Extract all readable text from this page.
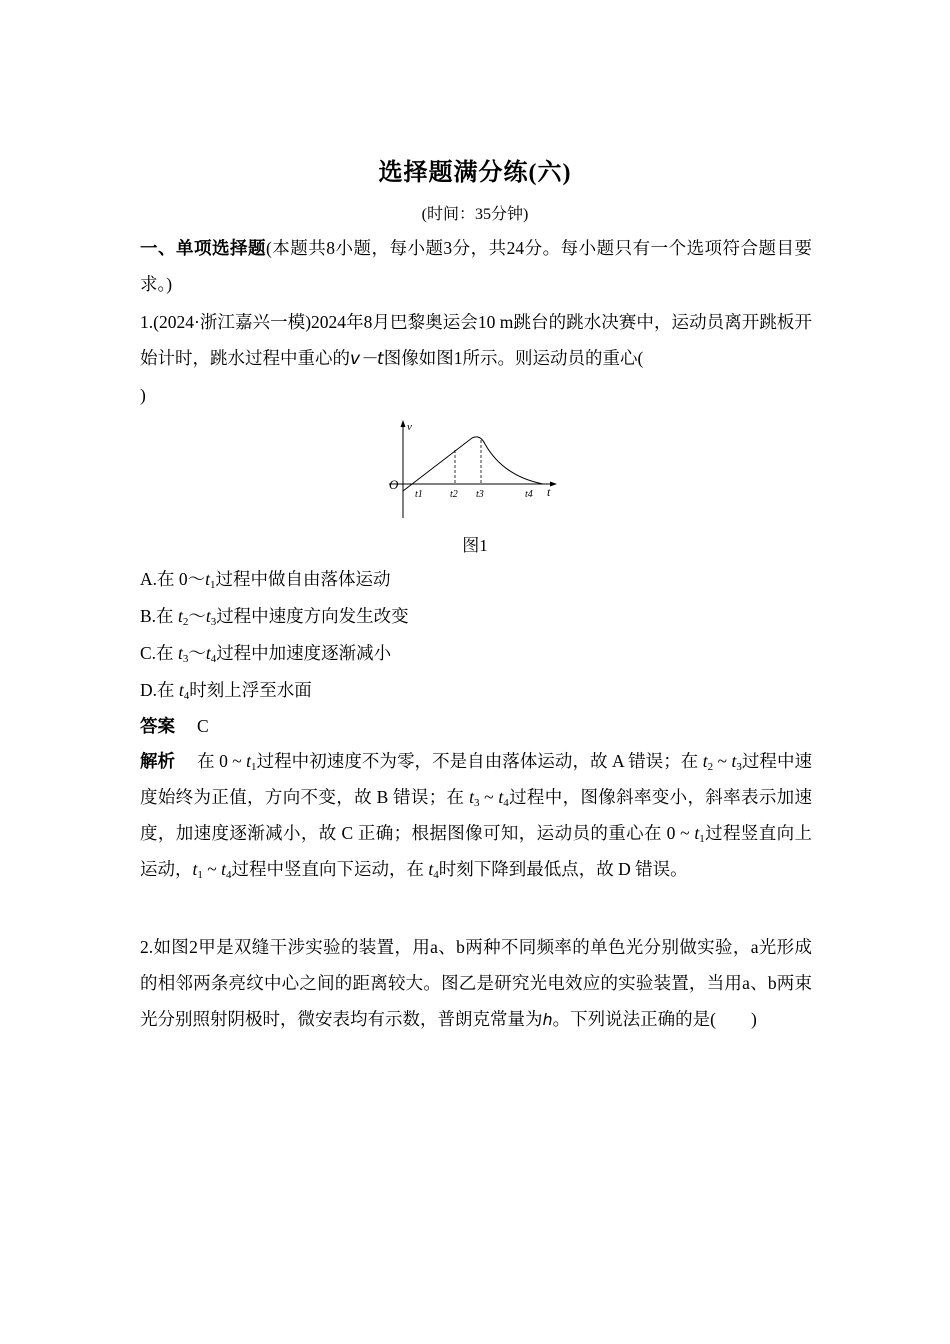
选择题满分练(六)
(时间：35分钟)
一、单项选择题(本题共8小题，每小题3分，共24分。每小题只有一个选项符合题目要求。)
1.(2024·浙江嘉兴一模)2024年8月巴黎奥运会10 m跳台的跳水决赛中，运动员离开跳板开始计时，跳水过程中重心的v－t图像如图1所示。则运动员的重心(
)
v
t
O
t1	t2 t3	t4
图1
A.在 $0\sim t_1$过程中做自由落体运动
B.在 $t_2\sim t_3$过程中速度方向发生改变
C.在 $t_3\sim t_4$过程中加速度逐渐减小
D.在 $t_4$时刻上浮至水面
答案 C
解析 在 0 ~ $t_1$过程中初速度不为零，不是自由落体运动，故 A 错误；在 $t_2$ ~ $t_3$过程中速度始终为正值，方向不变，故 B 错误；在 $t_3$ ~ $t_4$过程中，图像斜率变小，斜率表示加速度，加速度逐渐减小，故 C 正确；根据图像可知，运动员的重心在 0 ~ $t_1$过程竖直向上运动，$t_1$ ~ $t_4$过程中竖直向下运动，在 $t_4$时刻下降到最低点，故 D 错误。
2.如图2甲是双缝干涉实验的装置，用a、b两种不同频率的单色光分别做实验，a光形成的相邻两条亮纹中心之间的距离较大。图乙是研究光电效应的实验装置，当用a、b两束光分别照射阴极时，微安表均有示数，普朗克常量为h。下列说法正确的是(　　)
